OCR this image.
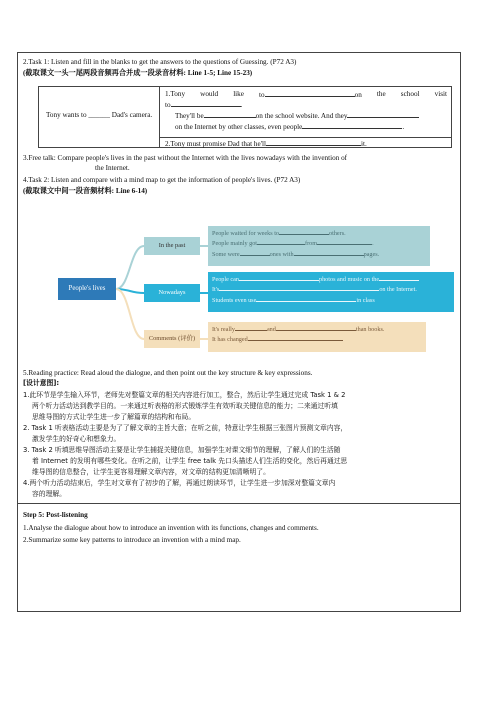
2.Task 1: Listen and fill in the blanks to get the answers to the questions of Guessing. (P72 A3)
(截取课文一头一尾两段音频再合并成一段录音材料: Line 1-5; Line 15-23)
Tony wants to ______ Dad's camera.
1.Tony would like to	on the school visit
to	.
They'll be	on the school website. And they
on the Internet by other classes, even people	.
2.Tony must promise Dad that he'll	it.
3.Free talk: Compare people's lives in the past without the Internet with the lives nowadays with the invention of
the Internet.
4.Task 2: Listen and compare with a mind map to get the information of people's lives. (P72 A3)
(截取课文中间一段音频材料: Line 6-14)
People's lives
In the past
Nowadays
Comments (评价)
People waited for weeks to	others.
People mainly got	from	.
Some were	ones with	pages.
People can	photos and music on the
It's	on the Internet.
Students even use	in class
It's really	and	than books.
It has changed
5.Reading practice: Read aloud the dialogue, and then point out the key structure & key expressions.
[设计意图]:
1.此环节是学生输入环节，老师先对整篇文章的相关内容进行加工，整合，然后让学生通过完成 Task 1 & 2
两个听力活动达到教学目的。一来通过听表格的形式锻炼学生有效听取关键信息的能力；二来通过听填
思维导图的方式让学生进一步了解篇章的结构和布局。
2. Task 1 听表格活动主要是为了了解文章的主旨大意；在听之前，特意让学生根据三张图片预测文章内容，
激发学生的好奇心和想象力。
3. Task 2 听填思维导图活动主要是让学生捕捉关键信息，加强学生对课文细节的理解，了解人们的生活随
着 Internet 的发明有哪些变化。在听之前，让学生 free talk 先口头描述人们生活的变化，然后再通过思
维导图的信息整合，让学生更容易理解文章内容，对文章的结构更加清晰明了。
4.两个听力活动结束后，学生对文章有了初步的了解，再通过朗读环节，让学生进一步加深对整篇文章内
容的理解。
Step 5: Post-listening
1.Analyse the dialogue about how to introduce an invention with its functions, changes and comments.
2.Summarize some key patterns to introduce an invention with a mind map.
